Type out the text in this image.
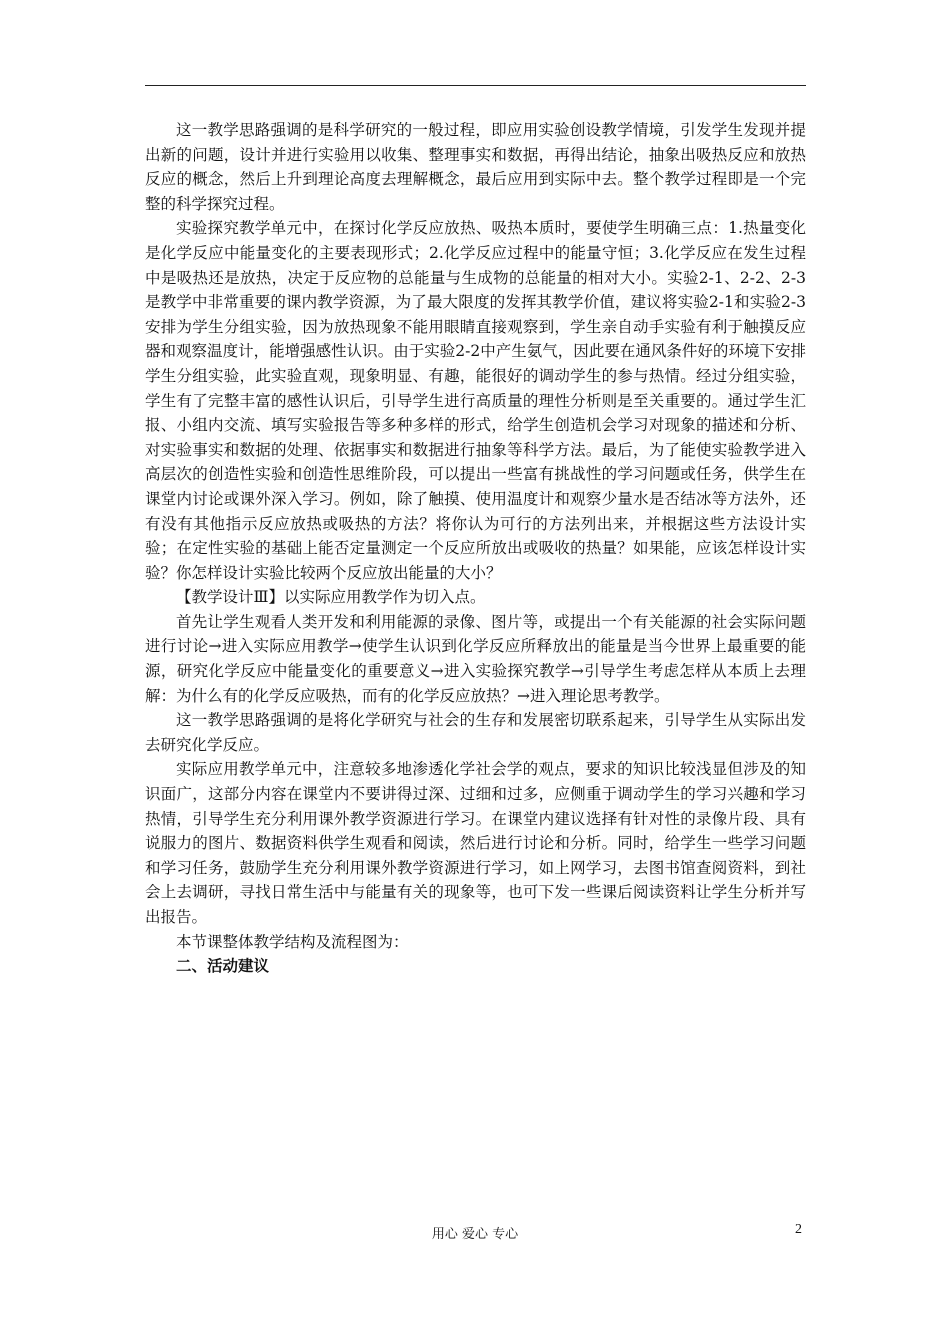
这一教学思路强调的是科学研究的一般过程，即应用实验创设教学情境，引发学生发现并提出新的问题，设计并进行实验用以收集、整理事实和数据，再得出结论，抽象出吸热反应和放热反应的概念，然后上升到理论高度去理解概念，最后应用到实际中去。整个教学过程即是一个完整的科学探究过程。

实验探究教学单元中，在探讨化学反应放热、吸热本质时，要使学生明确三点：1.热量变化是化学反应中能量变化的主要表现形式；2.化学反应过程中的能量守恒；3.化学反应在发生过程中是吸热还是放热，决定于反应物的总能量与生成物的总能量的相对大小。实验2-1、2-2、2-3是教学中非常重要的课内教学资源，为了最大限度的发挥其教学价值，建议将实验2-1和实验2-3安排为学生分组实验，因为放热现象不能用眼睛直接观察到，学生亲自动手实验有利于触摸反应器和观察温度计，能增强感性认识。由于实验2-2中产生氨气，因此要在通风条件好的环境下安排学生分组实验，此实验直观，现象明显、有趣，能很好的调动学生的参与热情。经过分组实验，学生有了完整丰富的感性认识后，引导学生进行高质量的理性分析则是至关重要的。通过学生汇报、小组内交流、填写实验报告等多种多样的形式，给学生创造机会学习对现象的描述和分析、对实验事实和数据的处理、依据事实和数据进行抽象等科学方法。最后，为了能使实验教学进入高层次的创造性实验和创造性思维阶段，可以提出一些富有挑战性的学习问题或任务，供学生在课堂内讨论或课外深入学习。例如，除了触摸、使用温度计和观察少量水是否结冰等方法外，还有没有其他指示反应放热或吸热的方法？将你认为可行的方法列出来，并根据这些方法设计实验；在定性实验的基础上能否定量测定一个反应所放出或吸收的热量？如果能，应该怎样设计实验？你怎样设计实验比较两个反应放出能量的大小？

【教学设计Ⅲ】以实际应用教学作为切入点。

首先让学生观看人类开发和利用能源的录像、图片等，或提出一个有关能源的社会实际问题进行讨论→进入实际应用教学→使学生认识到化学反应所释放出的能量是当今世界上最重要的能源，研究化学反应中能量变化的重要意义→进入实验探究教学→引导学生考虑怎样从本质上去理解：为什么有的化学反应吸热，而有的化学反应放热？→进入理论思考教学。

这一教学思路强调的是将化学研究与社会的生存和发展密切联系起来，引导学生从实际出发去研究化学反应。

实际应用教学单元中，注意较多地渗透化学社会学的观点，要求的知识比较浅显但涉及的知识面广，这部分内容在课堂内不要讲得过深、过细和过多，应侧重于调动学生的学习兴趣和学习热情，引导学生充分利用课外教学资源进行学习。在课堂内建议选择有针对性的录像片段、具有说服力的图片、数据资料供学生观看和阅读，然后进行讨论和分析。同时，给学生一些学习问题和学习任务，鼓励学生充分利用课外教学资源进行学习，如上网学习，去图书馆查阅资料，到社会上去调研，寻找日常生活中与能量有关的现象等，也可下发一些课后阅读资料让学生分析并写出报告。

本节课整体教学结构及流程图为：

二、活动建议

用心 爱心 专心	2
